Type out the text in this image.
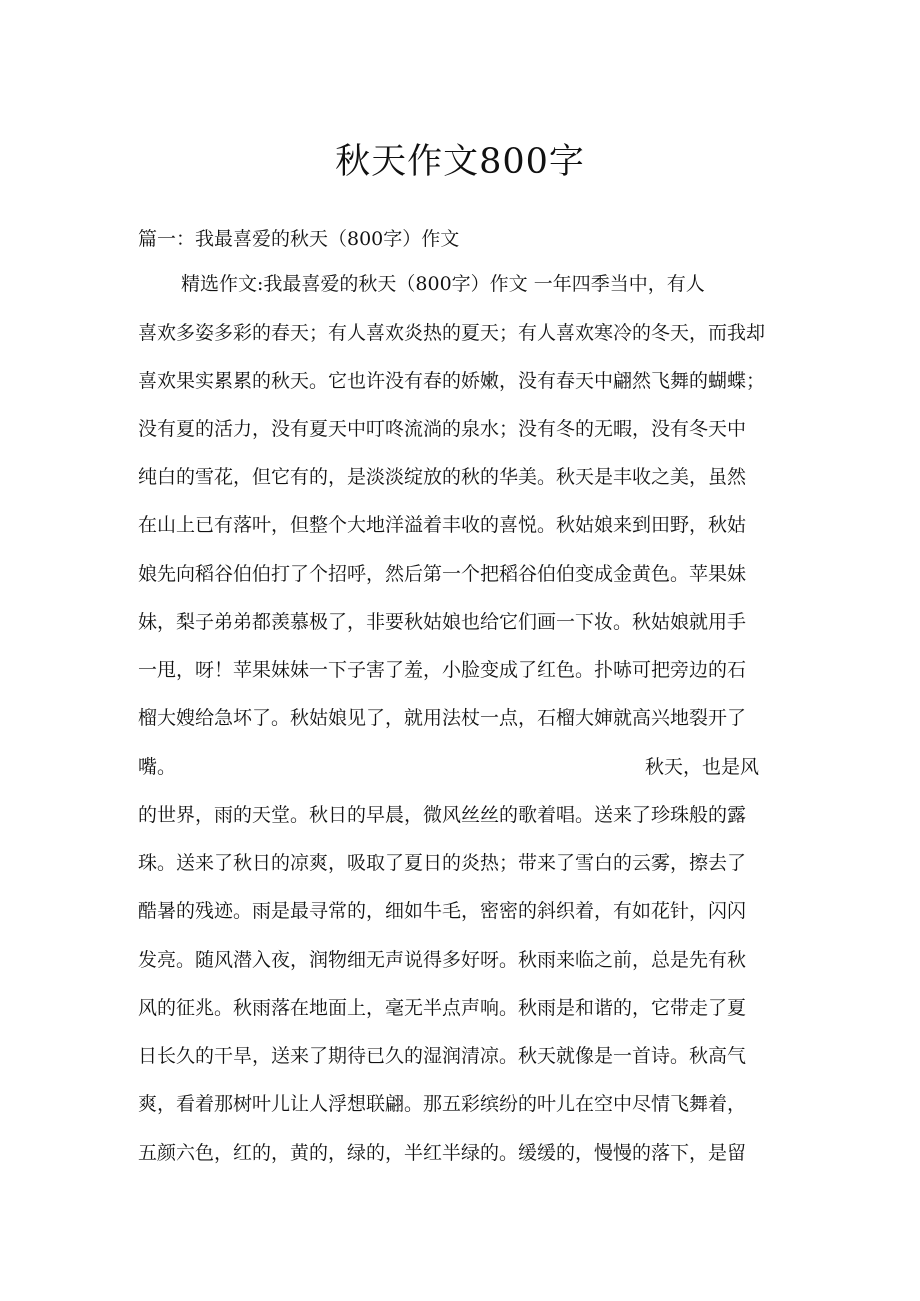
秋天作文800字
篇一：我最喜爱的秋天（800字）作文
精选作文:我最喜爱的秋天（800字）作文 一年四季当中，有人
喜欢多姿多彩的春天；有人喜欢炎热的夏天；有人喜欢寒冷的冬天，而我却
喜欢果实累累的秋天。它也许没有春的娇嫩，没有春天中翩然飞舞的蝴蝶；
没有夏的活力，没有夏天中叮咚流淌的泉水；没有冬的无暇，没有冬天中
纯白的雪花，但它有的，是淡淡绽放的秋的华美。秋天是丰收之美，虽然
在山上已有落叶，但整个大地洋溢着丰收的喜悦。秋姑娘来到田野，秋姑
娘先向稻谷伯伯打了个招呼，然后第一个把稻谷伯伯变成金黄色。苹果妹
妹，梨子弟弟都羡慕极了，非要秋姑娘也给它们画一下妆。秋姑娘就用手
一甩，呀！苹果妹妹一下子害了羞，小脸变成了红色。扑哧可把旁边的石
榴大嫂给急坏了。秋姑娘见了，就用法杖一点，石榴大婶就高兴地裂开了
嘴。	秋天，也是风
的世界，雨的天堂。秋日的早晨，微风丝丝的歌着唱。送来了珍珠般的露
珠。送来了秋日的凉爽，吸取了夏日的炎热；带来了雪白的云雾，擦去了
酷暑的残迹。雨是最寻常的，细如牛毛，密密的斜织着，有如花针，闪闪
发亮。随风潜入夜，润物细无声说得多好呀。秋雨来临之前，总是先有秋
风的征兆。秋雨落在地面上，毫无半点声响。秋雨是和谐的，它带走了夏
日长久的干旱，送来了期待已久的湿润清凉。秋天就像是一首诗。秋高气
爽，看着那树叶儿让人浮想联翩。那五彩缤纷的叶儿在空中尽情飞舞着，
五颜六色，红的，黄的，绿的，半红半绿的。缓缓的，慢慢的落下，是留
